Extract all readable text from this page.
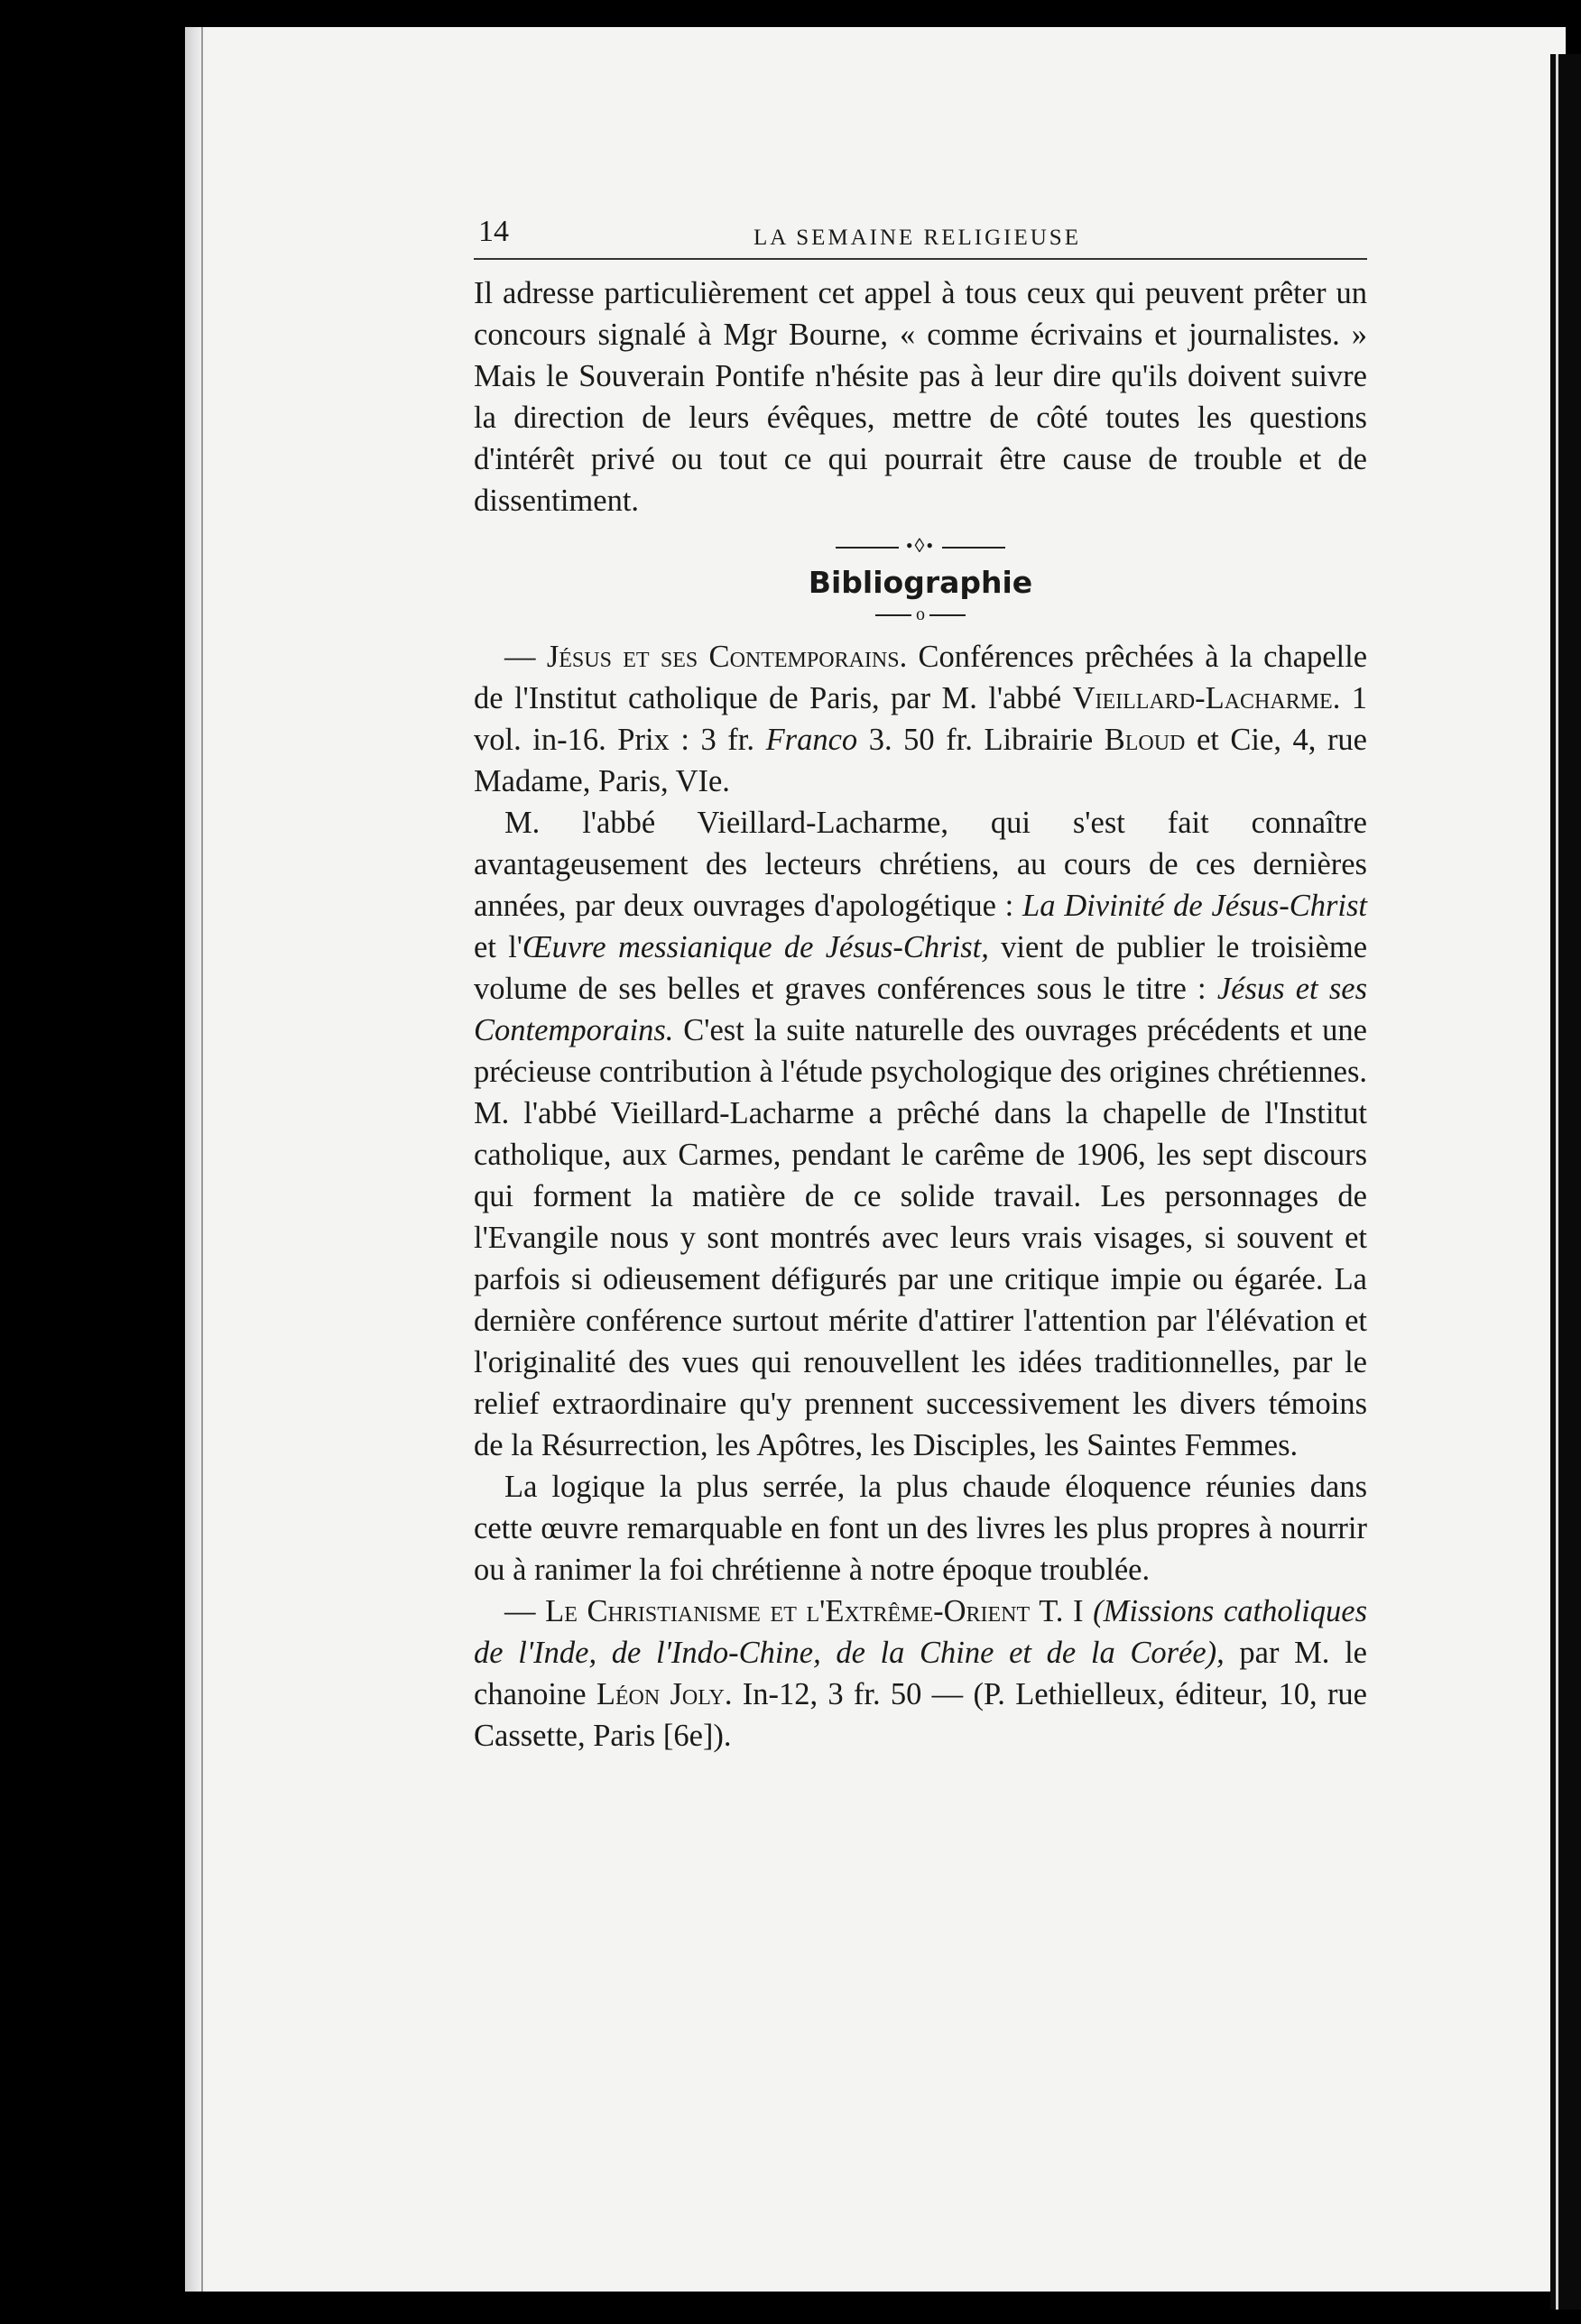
14	LA SEMAINE RELIGIEUSE

Il adresse particulièrement cet appel à tous ceux qui peuvent prêter un concours signalé à Mgr Bourne, « comme écrivains et journalistes. » Mais le Souverain Pontife n'hésite pas à leur dire qu'ils doivent suivre la direction de leurs évêques, mettre de côté toutes les questions d'intérêt privé ou tout ce qui pourrait être cause de trouble et de dissentiment.

•◊•
Bibliographie
o

— Jésus et ses Contemporains. Conférences prêchées à la chapelle de l'Institut catholique de Paris, par M. l'abbé Vieillard-Lacharme. 1 vol. in-16. Prix : 3 fr. Franco 3. 50 fr. Librairie Bloud et Cie, 4, rue Madame, Paris, VIe.

M. l'abbé Vieillard-Lacharme, qui s'est fait connaître avantageusement des lecteurs chrétiens, au cours de ces dernières années, par deux ouvrages d'apologétique : La Divinité de Jésus-Christ et l'Œuvre messianique de Jésus-Christ, vient de publier le troisième volume de ses belles et graves conférences sous le titre : Jésus et ses Contemporains. C'est la suite naturelle des ouvrages précédents et une précieuse contribution à l'étude psychologique des origines chrétiennes. M. l'abbé Vieillard-Lacharme a prêché dans la chapelle de l'Institut catholique, aux Carmes, pendant le carême de 1906, les sept discours qui forment la matière de ce solide travail. Les personnages de l'Evangile nous y sont montrés avec leurs vrais visages, si souvent et parfois si odieusement défigurés par une critique impie ou égarée. La dernière conférence surtout mérite d'attirer l'attention par l'élévation et l'originalité des vues qui renouvellent les idées traditionnelles, par le relief extraordinaire qu'y prennent successivement les divers témoins de la Résurrection, les Apôtres, les Disciples, les Saintes Femmes.

La logique la plus serrée, la plus chaude éloquence réunies dans cette œuvre remarquable en font un des livres les plus propres à nourrir ou à ranimer la foi chrétienne à notre époque troublée.

— Le Christianisme et l'Extrême-Orient T. I (Missions catholiques de l'Inde, de l'Indo-Chine, de la Chine et de la Corée), par M. le chanoine Léon Joly. In-12, 3 fr. 50 — (P. Lethielleux, éditeur, 10, rue Cassette, Paris [6e]).
